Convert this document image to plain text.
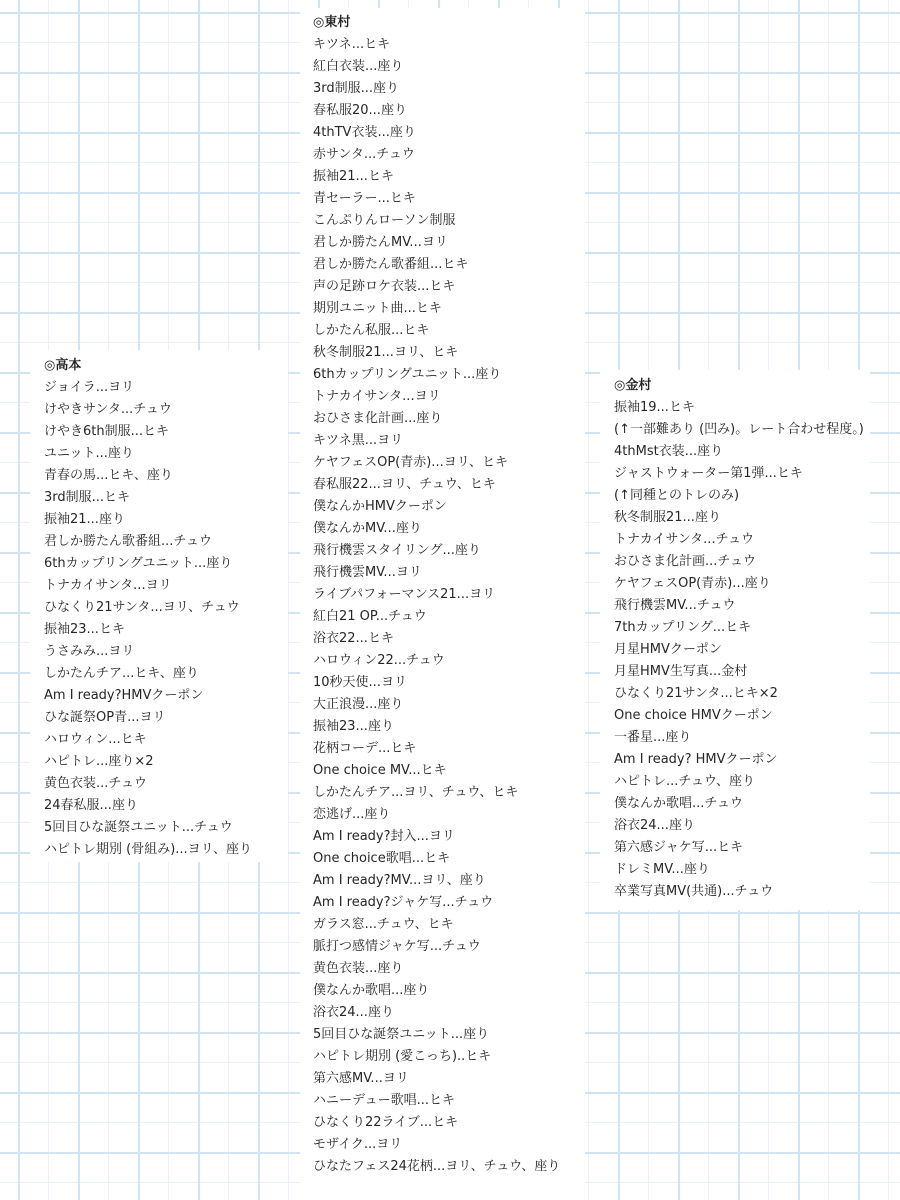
◎高本
ジョイラ...ヨリ
けやきサンタ...チュウ
けやき6th制服...ヒキ
ユニット...座り
青春の馬...ヒキ、座り
3rd制服...ヒキ
振袖21...座り
君しか勝たん歌番組...チュウ
6thカップリングユニット...座り
トナカイサンタ...ヨリ
ひなくり21サンタ...ヨリ、チュウ
振袖23...ヒキ
うさみみ...ヨリ
しかたんチア...ヒキ、座り
Am I ready?HMVクーポン
ひな誕祭OP青...ヨリ
ハロウィン...ヒキ
ハピトレ...座り×2
黄色衣装...チュウ
24春私服...座り
5回目ひな誕祭ユニット...チュウ
ハピトレ期別 (骨組み)...ヨリ、座り
◎東村
キツネ...ヒキ
紅白衣装...座り
3rd制服...座り
春私服20...座り
4thTV衣装...座り
赤サンタ...チュウ
振袖21...ヒキ
青セーラー...ヒキ
こんぷりんローソン制服
君しか勝たんMV...ヨリ
君しか勝たん歌番組...ヒキ
声の足跡ロケ衣装...ヒキ
期別ユニット曲...ヒキ
しかたん私服...ヒキ
秋冬制服21...ヨリ、ヒキ
6thカップリングユニット...座り
トナカイサンタ...ヨリ
おひさま化計画...座り
キツネ黒...ヨリ
ケヤフェスOP(青赤)...ヨリ、ヒキ
春私服22...ヨリ、チュウ、ヒキ
僕なんかHMVクーポン
僕なんかMV...座り
飛行機雲スタイリング...座り
飛行機雲MV...ヨリ
ライブパフォーマンス21...ヨリ
紅白21 OP...チュウ
浴衣22...ヒキ
ハロウィン22...チュウ
10秒天使...ヨリ
大正浪漫...座り
振袖23...座り
花柄コーデ...ヒキ
One choice MV...ヒキ
しかたんチア...ヨリ、チュウ、ヒキ
恋逃げ...座り
Am I ready?封入...ヨリ
One choice歌唱...ヒキ
Am I ready?MV...ヨリ、座り
Am I ready?ジャケ写...チュウ
ガラス窓...チュウ、ヒキ
脈打つ感情ジャケ写...チュウ
黄色衣装...座り
僕なんか歌唱...座り
浴衣24...座り
5回目ひな誕祭ユニット...座り
ハピトレ期別 (愛こっち)..ヒキ
第六感MV...ヨリ
ハニーデュー歌唱...ヒキ
ひなくり22ライブ...ヒキ
モザイク...ヨリ
ひなたフェス24花柄...ヨリ、チュウ、座り
◎金村
振袖19...ヒキ
(↑一部難あり (凹み)。レート合わせ程度。)
4thMst衣装...座り
ジャストウォーター第1弾...ヒキ
(↑同種とのトレのみ)
秋冬制服21...座り
トナカイサンタ...チュウ
おひさま化計画...チュウ
ケヤフェスOP(青赤)...座り
飛行機雲MV...チュウ
7thカップリング...ヒキ
月星HMVクーポン
月星HMV生写真...金村
ひなくり21サンタ...ヒキ×2
One choice HMVクーポン
一番星...座り
Am I ready? HMVクーポン
ハピトレ...チュウ、座り
僕なんか歌唱...チュウ
浴衣24...座り
第六感ジャケ写...ヒキ
ドレミMV...座り
卒業写真MV(共通)...チュウ
